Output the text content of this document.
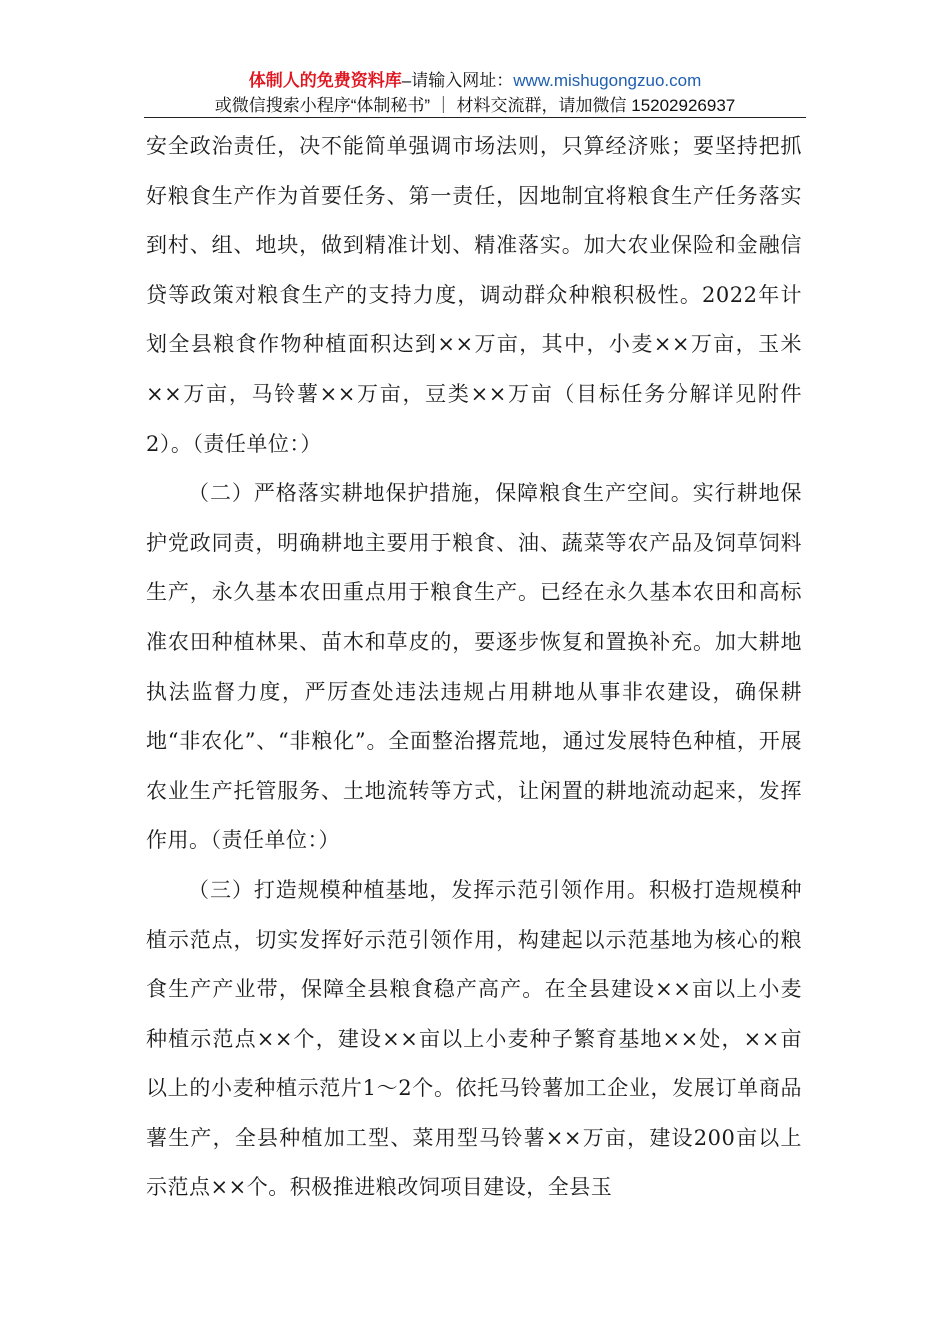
体制人的免费资料库–请输入网址：www.mishugongzuo.com
或微信搜索小程序“体制秘书” ｜ 材料交流群，请加微信 15202926937

安全政治责任，决不能简单强调市场法则，只算经济账；要坚持把抓好粮食生产作为首要任务、第一责任，因地制宜将粮食生产任务落实到村、组、地块，做到精准计划、精准落实。加大农业保险和金融信贷等政策对粮食生产的支持力度，调动群众种粮积极性。2022年计划全县粮食作物种植面积达到××万亩，其中，小麦××万亩，玉米××万亩，马铃薯××万亩，豆类××万亩（目标任务分解详见附件2）。（责任单位：）

（二）严格落实耕地保护措施，保障粮食生产空间。实行耕地保护党政同责，明确耕地主要用于粮食、油、蔬菜等农产品及饲草饲料生产，永久基本农田重点用于粮食生产。已经在永久基本农田和高标准农田种植林果、苗木和草皮的，要逐步恢复和置换补充。加大耕地执法监督力度，严厉查处违法违规占用耕地从事非农建设，确保耕地“非农化”、“非粮化”。全面整治撂荒地，通过发展特色种植，开展农业生产托管服务、土地流转等方式，让闲置的耕地流动起来，发挥作用。（责任单位：）

（三）打造规模种植基地，发挥示范引领作用。积极打造规模种植示范点，切实发挥好示范引领作用，构建起以示范基地为核心的粮食生产产业带，保障全县粮食稳产高产。在全县建设××亩以上小麦种植示范点××个，建设××亩以上小麦种子繁育基地××处，××亩以上的小麦种植示范片1～2个。依托马铃薯加工企业，发展订单商品薯生产，全县种植加工型、菜用型马铃薯××万亩，建设200亩以上示范点××个。积极推进粮改饲项目建设，全县玉
